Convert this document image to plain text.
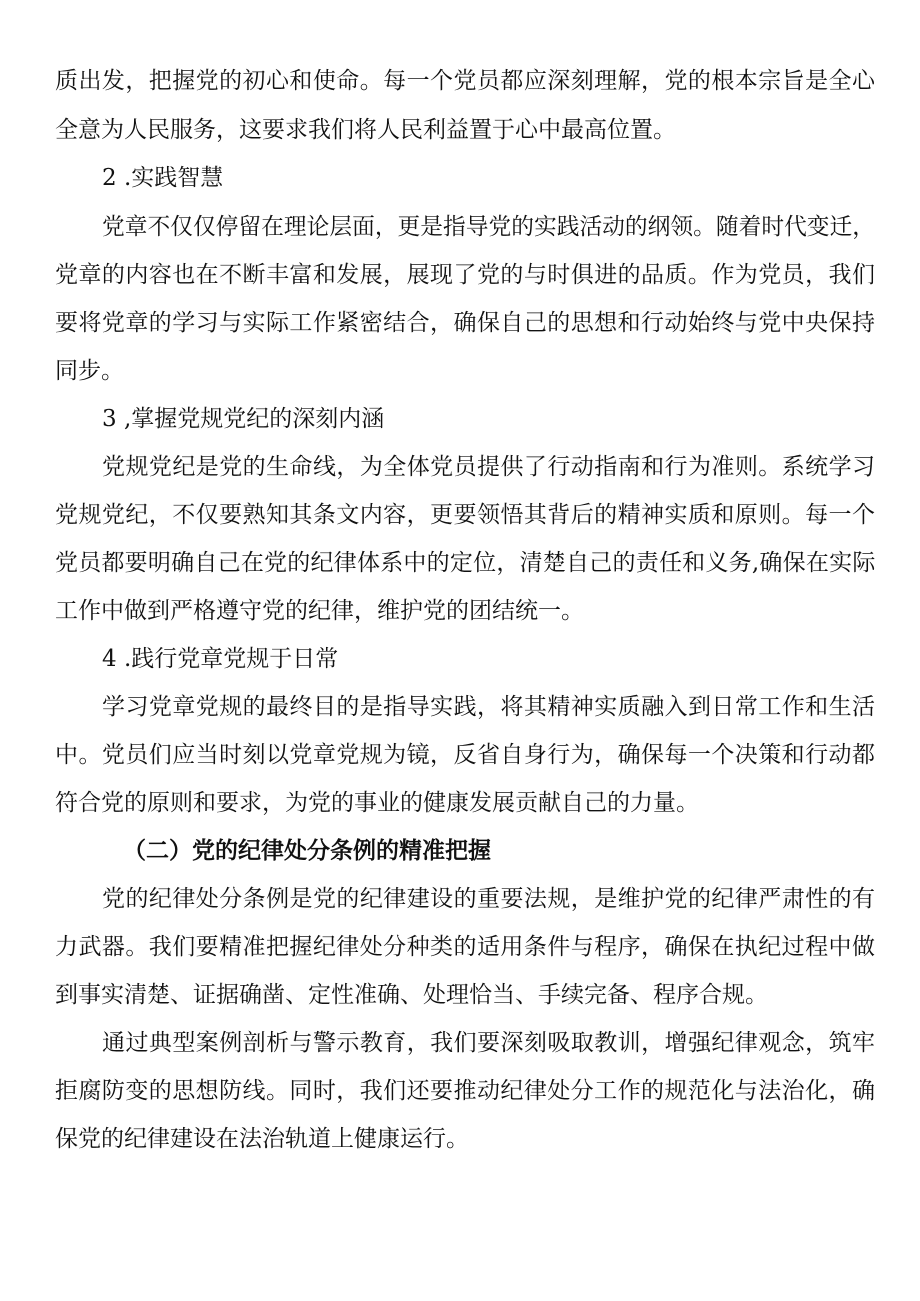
质出发，把握党的初心和使命。每一个党员都应深刻理解，党的根本宗旨是全心

全意为人民服务，这要求我们将人民利益置于心中最高位置。

2 .实践智慧

党章不仅仅停留在理论层面，更是指导党的实践活动的纲领。随着时代变迁，

党章的内容也在不断丰富和发展，展现了党的与时俱进的品质。作为党员，我们

要将党章的学习与实际工作紧密结合，确保自己的思想和行动始终与党中央保持

同步。

3 ,掌握党规党纪的深刻内涵

党规党纪是党的生命线，为全体党员提供了行动指南和行为准则。系统学习

党规党纪，不仅要熟知其条文内容，更要领悟其背后的精神实质和原则。每一个

党员都要明确自己在党的纪律体系中的定位，清楚自己的责任和义务,确保在实际

工作中做到严格遵守党的纪律，维护党的团结统一。

4 .践行党章党规于日常

学习党章党规的最终目的是指导实践，将其精神实质融入到日常工作和生活

中。党员们应当时刻以党章党规为镜，反省自身行为，确保每一个决策和行动都

符合党的原则和要求，为党的事业的健康发展贡献自己的力量。

（二）党的纪律处分条例的精准把握

党的纪律处分条例是党的纪律建设的重要法规，是维护党的纪律严肃性的有

力武器。我们要精准把握纪律处分种类的适用条件与程序，确保在执纪过程中做

到事实清楚、证据确凿、定性准确、处理恰当、手续完备、程序合规。

通过典型案例剖析与警示教育，我们要深刻吸取教训，增强纪律观念，筑牢

拒腐防变的思想防线。同时，我们还要推动纪律处分工作的规范化与法治化，确

保党的纪律建设在法治轨道上健康运行。
